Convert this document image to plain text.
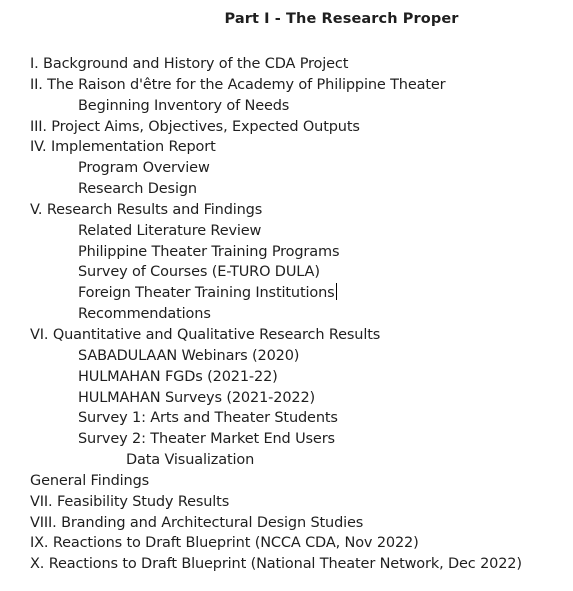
Part I - The Research Proper
I. Background and History of the CDA Project
II. The Raison d'être for the Academy of Philippine Theater
Beginning Inventory of Needs
III. Project Aims, Objectives, Expected Outputs
IV. Implementation Report
Program Overview
Research Design
V. Research Results and Findings
Related Literature Review
Philippine Theater Training Programs
Survey of Courses (E-TURO DULA)
Foreign Theater Training Institutions
Recommendations
VI. Quantitative and Qualitative Research Results
SABADULAAN Webinars (2020)
HULMAHAN FGDs (2021-22)
HULMAHAN Surveys (2021-2022)
Survey 1: Arts and Theater Students
Survey 2: Theater Market End Users
Data Visualization
General Findings
VII. Feasibility Study Results
VIII. Branding and Architectural Design Studies
IX. Reactions to Draft Blueprint (NCCA CDA, Nov 2022)
X. Reactions to Draft Blueprint (National Theater Network, Dec 2022)
